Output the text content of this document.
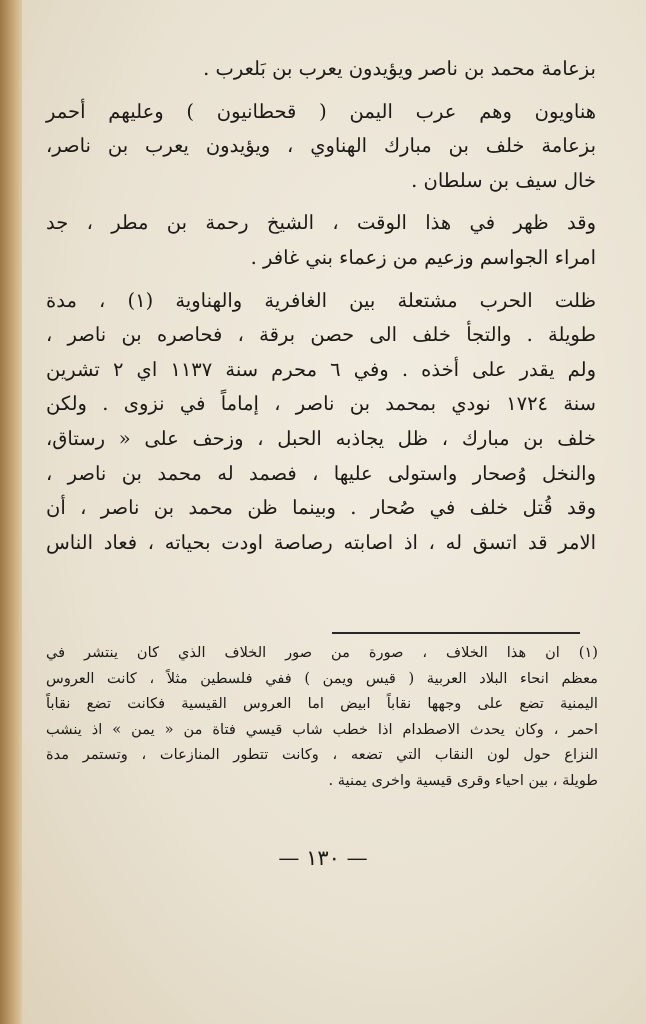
بزعامة محمد بن ناصر ويؤيدون يعرب بن بَلعرب .
هناويون وهم عرب اليمن ( قحطانيون ) وعليهم أحمر
بزعامة خلف بن مبارك الهناوي ، ويؤيدون يعرب بن ناصر،
خال سيف بن سلطان .
وقد ظهر في هذا الوقت ، الشيخ رحمة بن مطر ، جد
امراء الجواسم وزعيم من زعماء بني غافر .
ظلت الحرب مشتعلة بين الغافرية والهناوية (١) ، مدة
طويلة . والتجأ خلف الى حصن برقة ، فحاصره بن ناصر ،
ولم يقدر على أخذه . وفي ٦ محرم سنة ١١٣٧ اي ٢ تشرين
سنة ١٧٢٤ نودي بمحمد بن ناصر ، إماماً في نزوى . ولكن
خلف بن مبارك ، ظل يجاذبه الحبل ، وزحف على « رستاق،
والنخل وُصحار واستولى عليها ، فصمد له محمد بن ناصر ،
وقد قُتل خلف في صُحار . وبينما ظن محمد بن ناصر ، أن
الامر قد اتسق له ، اذ اصابته رصاصة اودت بحياته ، فعاد الناس
(١) ان هذا الخلاف ، صورة من صور الخلاف الذي كان ينتشر في
معظم انحاء البلاد العربية ( قيس ويمن ) ففي فلسطين مثلاً ، كانت العروس
اليمنية تضع على وجهها نقاباً ابيض اما العروس القيسية فكانت تضع نقاباً
احمر ، وكان يحدث الاصطدام اذا خطب شاب قيسي فتاة من « يمن » اذ ينشب
النزاع حول لون النقاب التي تضعه ، وكانت تتطور المنازعات ، وتستمر مدة
طويلة ، بين احياء وقرى قيسية واخرى يمنية .
— ١٣٠ —
